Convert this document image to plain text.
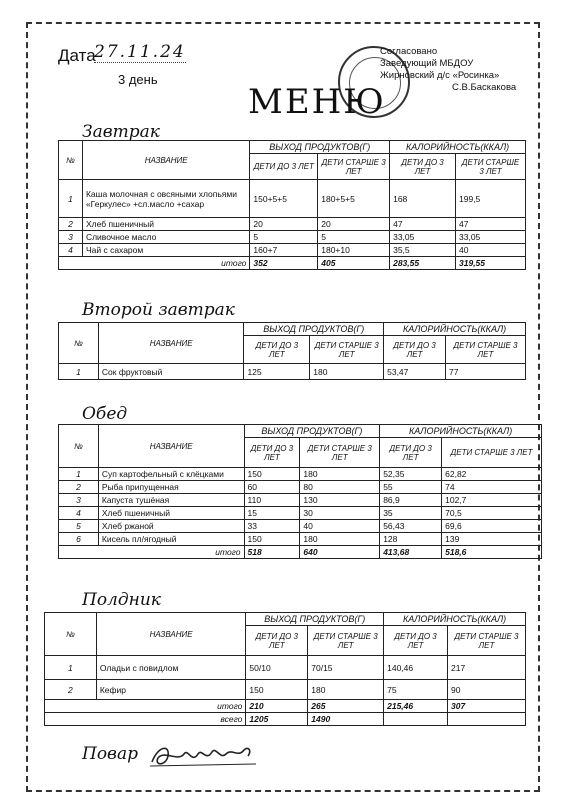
Дата
27.11.24
3 день
Согласовано
Заведующий МБДОУ
Жирновский д/с «Росинка»
С.В.Баскакова
МЕНЮ
Завтрак
№	НАЗВАНИЕ	ВЫХОД ПРОДУКТОВ(Г)		КАЛОРИЙНОСТЬ(ККАЛ)	
		ДЕТИ ДО 3 ЛЕТ	ДЕТИ СТАРШЕ 3 ЛЕТ	ДЕТИ ДО 3 ЛЕТ	ДЕТИ СТАРШЕ 3 ЛЕТ
1	Каша молочная с овсяными хлопьями «Геркулес» +сл.масло +сахар	150+5+5	180+5+5	168	199,5
2	Хлеб пшеничный	20	20	47	47
3	Сливочное масло	5	5	33,05	33,05
4	Чай с сахаром	160+7	180+10	35,5	40
итого		352	405	283,55	319,55
Второй завтрак
№	НАЗВАНИЕ	ВЫХОД ПРОДУКТОВ(Г)		КАЛОРИЙНОСТЬ(ККАЛ)	
		ДЕТИ ДО 3 ЛЕТ	ДЕТИ СТАРШЕ 3 ЛЕТ	ДЕТИ ДО 3 ЛЕТ	ДЕТИ СТАРШЕ 3 ЛЕТ
1	Сок фруктовый	125	180	53,47	77
Обед
№	НАЗВАНИЕ	ВЫХОД ПРОДУКТОВ(Г)		КАЛОРИЙНОСТЬ(ККАЛ)	
		ДЕТИ ДО 3 ЛЕТ	ДЕТИ СТАРШЕ 3 ЛЕТ	ДЕТИ ДО 3 ЛЕТ	ДЕТИ СТАРШЕ 3 ЛЕТ
1	Суп картофельный с клёцками	150	180	52,35	62,82
2	Рыба припущенная	60	80	55	74
3	Капуста тушёная	110	130	86,9	102,7
4	Хлеб пшеничный	15	30	35	70,5
5	Хлеб ржаной	33	40	56,43	69,6
6	Кисель пл/ягодный	150	180	128	139
итого		518	640	413,68	518,6
Полдник
№	НАЗВАНИЕ	ВЫХОД ПРОДУКТОВ(Г)		КАЛОРИЙНОСТЬ(ККАЛ)	
		ДЕТИ ДО 3 ЛЕТ	ДЕТИ СТАРШЕ 3 ЛЕТ	ДЕТИ ДО 3 ЛЕТ	ДЕТИ СТАРШЕ 3 ЛЕТ
1	Оладьи с повидлом	50/10	70/15	140,46	217
2	Кефир	150	180	75	90
итого		210	265	215,46	307
всего		1205	1490		
Повар
